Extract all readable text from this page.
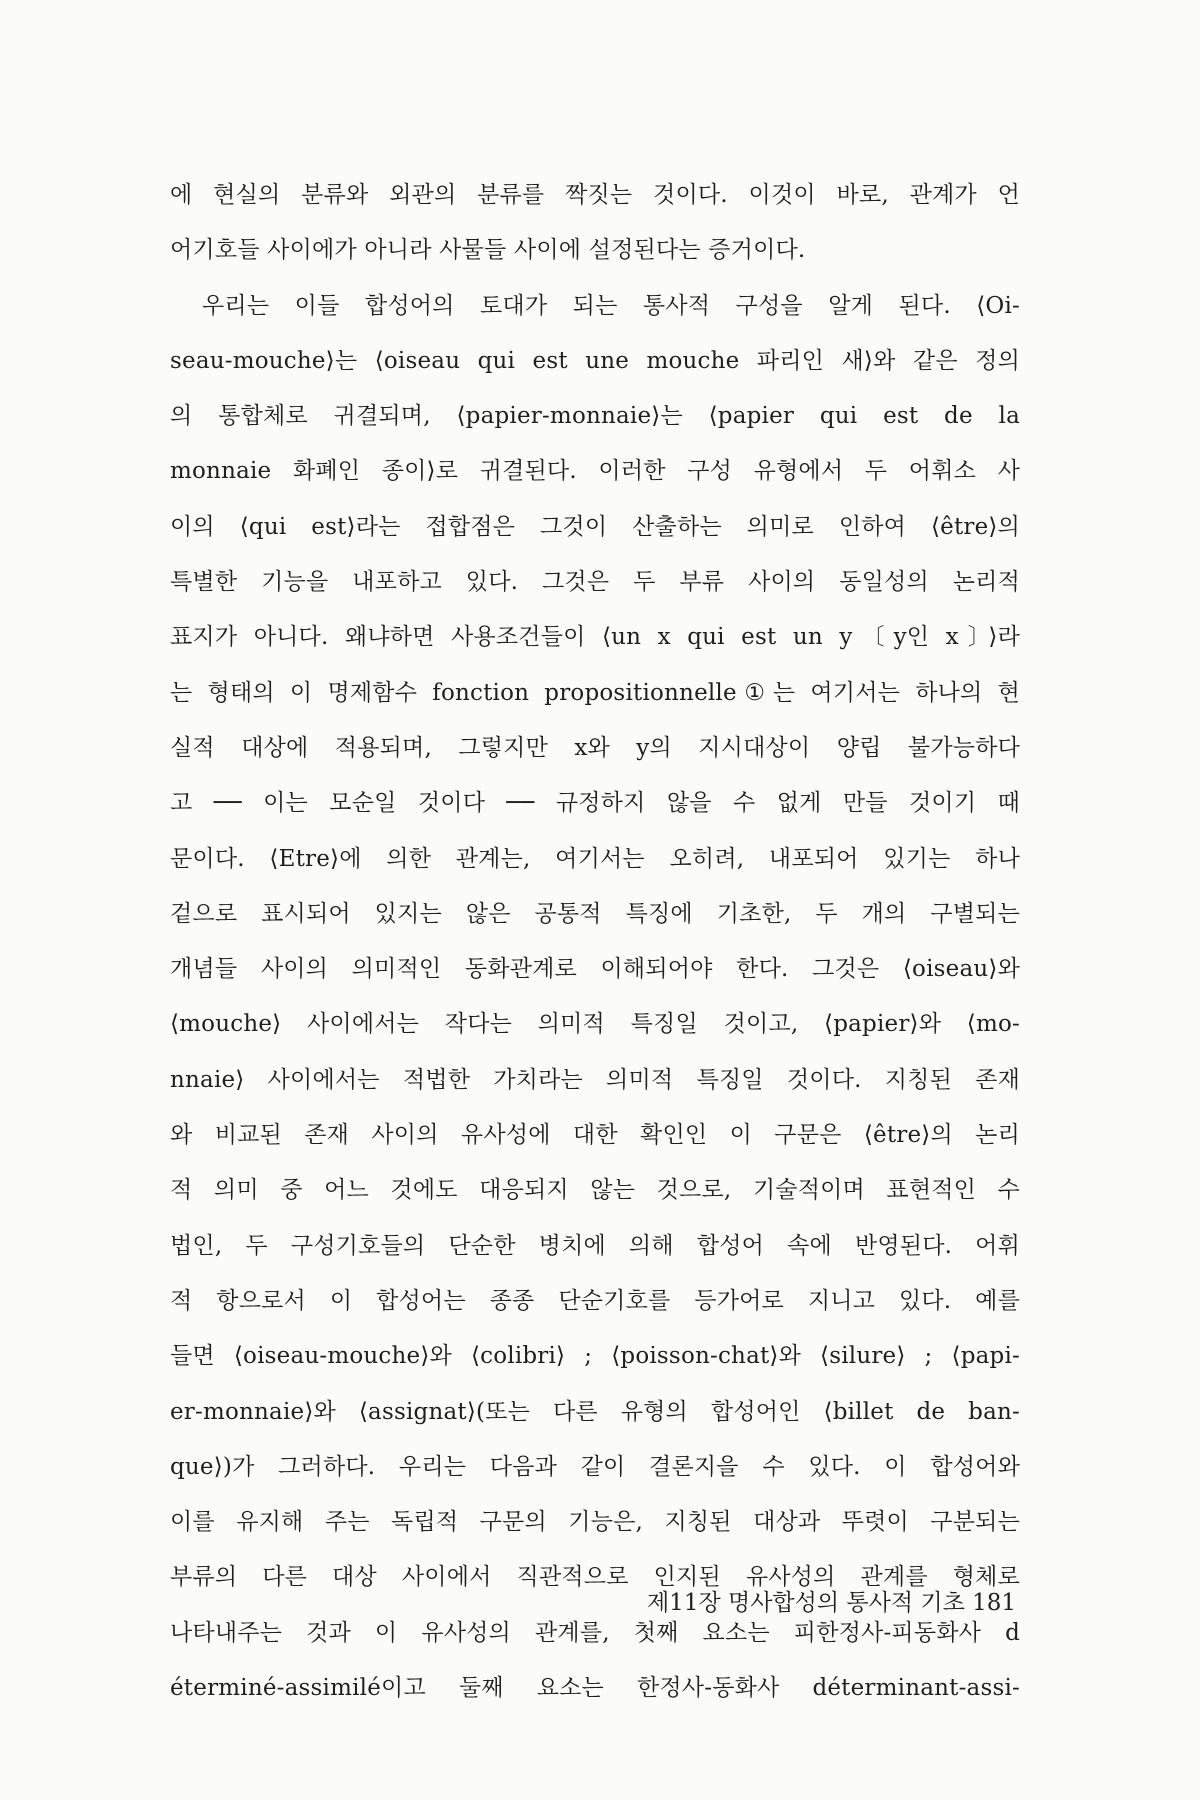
에 현실의 분류와 외관의 분류를 짝짓는 것이다. 이것이 바로, 관계가 언
어기호들 사이에가 아니라 사물들 사이에 설정된다는 증거이다.
우리는 이들 합성어의 토대가 되는 통사적 구성을 알게 된다. ⟨Oi-
seau-mouche⟩는 ⟨oiseau qui est une mouche 파리인 새⟩와 같은 정의
의 통합체로 귀결되며, ⟨papier-monnaie⟩는 ⟨papier qui est de la
monnaie 화폐인 종이⟩로 귀결된다. 이러한 구성 유형에서 두 어휘소 사
이의 ⟨qui est⟩라는 접합점은 그것이 산출하는 의미로 인하여 ⟨être⟩의
특별한 기능을 내포하고 있다. 그것은 두 부류 사이의 동일성의 논리적
표지가 아니다. 왜냐하면 사용조건들이 ⟨un x qui est un y〔y인 x〕⟩라
는 형태의 이 명제함수 fonction propositionnelle①는 여기서는 하나의 현
실적 대상에 적용되며, 그렇지만 x와 y의 지시대상이 양립 불가능하다
고 ── 이는 모순일 것이다 ── 규정하지 않을 수 없게 만들 것이기 때
문이다. ⟨Etre⟩에 의한 관계는, 여기서는 오히려, 내포되어 있기는 하나
겉으로 표시되어 있지는 않은 공통적 특징에 기초한, 두 개의 구별되는
개념들 사이의 의미적인 동화관계로 이해되어야 한다. 그것은 ⟨oiseau⟩와
⟨mouche⟩ 사이에서는 작다는 의미적 특징일 것이고, ⟨papier⟩와 ⟨mo-
nnaie⟩ 사이에서는 적법한 가치라는 의미적 특징일 것이다. 지칭된 존재
와 비교된 존재 사이의 유사성에 대한 확인인 이 구문은 ⟨être⟩의 논리
적 의미 중 어느 것에도 대응되지 않는 것으로, 기술적이며 표현적인 수
법인, 두 구성기호들의 단순한 병치에 의해 합성어 속에 반영된다. 어휘
적 항으로서 이 합성어는 종종 단순기호를 등가어로 지니고 있다. 예를
들면 ⟨oiseau-mouche⟩와 ⟨colibri⟩ ; ⟨poisson-chat⟩와 ⟨silure⟩ ; ⟨papi-
er-monnaie⟩와 ⟨assignat⟩(또는 다른 유형의 합성어인 ⟨billet de ban-
que⟩)가 그러하다. 우리는 다음과 같이 결론지을 수 있다. 이 합성어와
이를 유지해 주는 독립적 구문의 기능은, 지칭된 대상과 뚜렷이 구분되는
부류의 다른 대상 사이에서 직관적으로 인지된 유사성의 관계를 형체로
나타내주는 것과 이 유사성의 관계를, 첫째 요소는 피한정사-피동화사 d
éterminé-assimilé이고 둘째 요소는 한정사-동화사 déterminant-assi-
제11장 명사합성의 통사적 기초 181
